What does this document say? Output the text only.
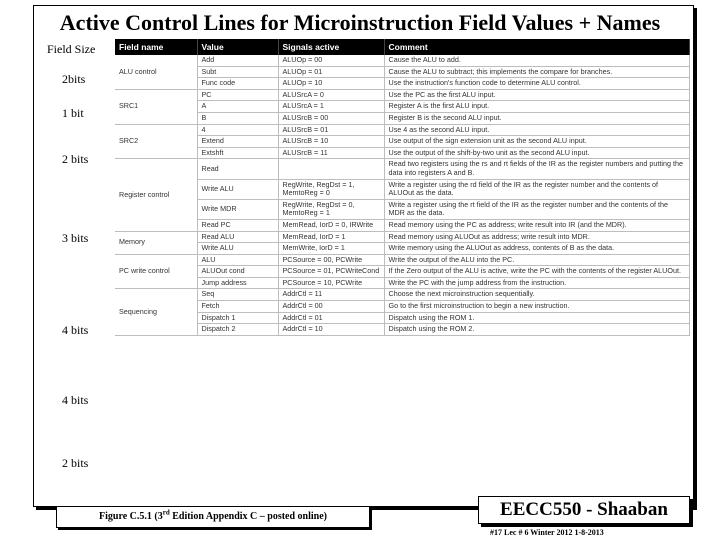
Active Control Lines for Microinstruction Field Values + Names
Field Size
2bits
1 bit
2 bits
3 bits
4 bits
4 bits
2 bits
Field name	Value	Signals active	Comment
ALU control	Add	ALUOp = 00	Cause the ALU to add.
	Subt	ALUOp = 01	Cause the ALU to subtract; this implements the compare for branches.
	Func code	ALUOp = 10	Use the instruction's function code to determine ALU control.
SRC1	PC	ALUSrcA = 0	Use the PC as the first ALU input.
	A	ALUSrcA = 1	Register A is the first ALU input.
	B	ALUSrcB = 00	Register B is the second ALU input.
SRC2	4	ALUSrcB = 01	Use 4 as the second ALU input.
	Extend	ALUSrcB = 10	Use output of the sign extension unit as the second ALU input.
	Extshft	ALUSrcB = 11	Use the output of the shift-by-two unit as the second ALU input.
Register control	Read		Read two registers using the rs and rt fields of the IR as the register numbers and putting the data into registers A and B.
	Write ALU	RegWrite, RegDst = 1, MemtoReg = 0	Write a register using the rd field of the IR as the register number and the contents of ALUOut as the data.
	Write MDR	RegWrite, RegDst = 0, MemtoReg = 1	Write a register using the rt field of the IR as the register number and the contents of the MDR as the data.
	Read PC	MemRead, IorD = 0, IRWrite	Read memory using the PC as address; write result into IR (and the MDR).
Memory	Read ALU	MemRead, IorD = 1	Read memory using ALUOut as address; write result into MDR.
	Write ALU	MemWrite, IorD = 1	Write memory using the ALUOut as address, contents of B as the data.
PC write control	ALU	PCSource = 00, PCWrite	Write the output of the ALU into the PC.
	ALUOut cond	PCSource = 01, PCWriteCond	If the Zero output of the ALU is active, write the PC with the contents of the register ALUOut.
	Jump address	PCSource = 10, PCWrite	Write the PC with the jump address from the instruction.
Sequencing	Seq	AddrCtl = 11	Choose the next microinstruction sequentially.
	Fetch	AddrCtl = 00	Go to the first microinstruction to begin a new instruction.
	Dispatch 1	AddrCtl = 01	Dispatch using the ROM 1.
	Dispatch 2	AddrCtl = 10	Dispatch using the ROM 2.
Figure C.5.1 (3rd Edition Appendix C – posted online)	EECC550 - Shaaban
#17 Lec # 6 Winter 2012 1-8-2013
